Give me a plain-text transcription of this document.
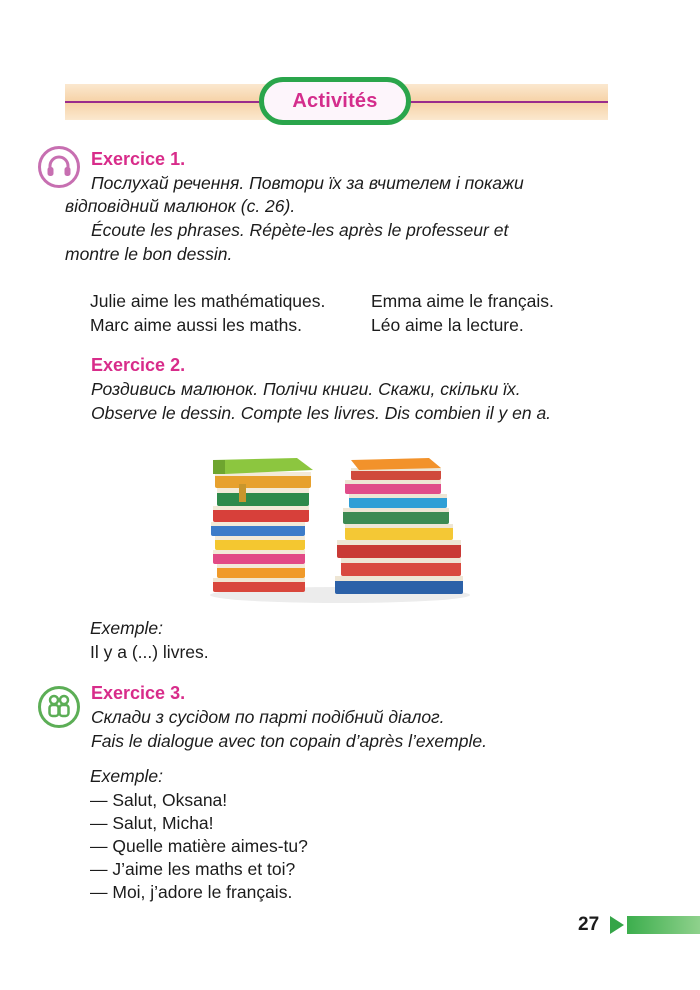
Activités
Exercice 1.
Послухай речення. Повтори їх за вчителем і покажи
відповідний малюнок (с. 26).
Écoute les phrases. Répète-les après le professeur et
montre le bon dessin.
Julie aime les mathématiques.	Emma aime le français.
Marc aime aussi les maths.	Léo aime la lecture.
Exercice 2.
Роздивись малюнок. Полічи книги. Скажи, скільки їх.
Observe le dessin. Compte les livres. Dis combien il y en a.
Exemple:
Il y a (...) livres.
Exercice 3.
Склади з сусідом по парті подібний діалог.
Fais le dialogue avec ton copain d’après l’exemple.
Exemple:
— Salut, Oksana!
— Salut, Micha!
— Quelle matière aimes-tu?
— J’aime les maths et toi?
— Moi, j’adore le français.
27
